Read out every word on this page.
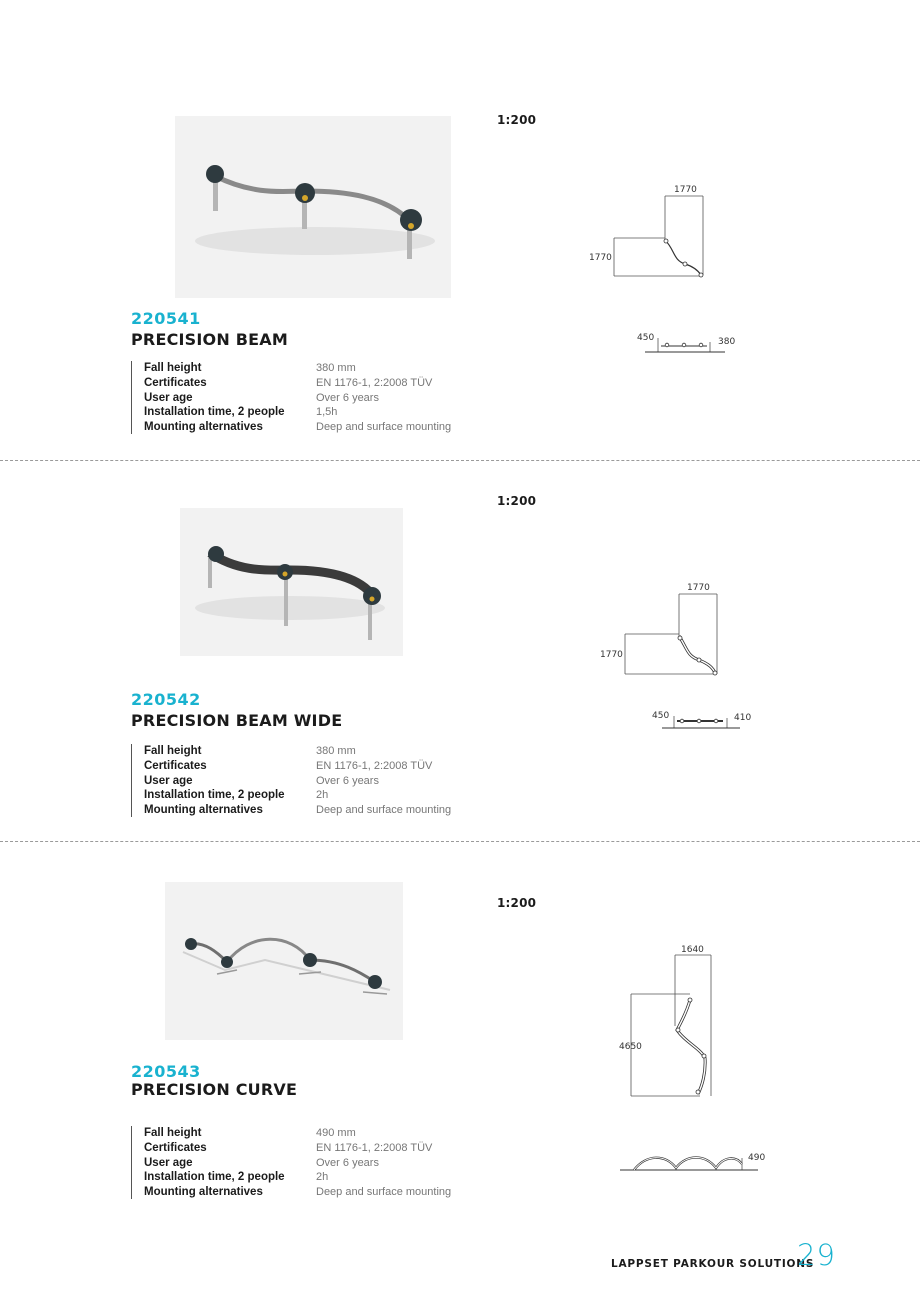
1:200
1770
1770
450	380
220541
PRECISION BEAM
Fall height	380 mm
Certificates	EN 1176-1, 2:2008 TÜV
User age	Over 6 years
Installation time, 2 people	1,5h
Mounting alternatives	Deep and surface mounting
1:200
1770
1770
450	410
220542
PRECISION BEAM WIDE
Fall height	380 mm
Certificates	EN 1176-1, 2:2008 TÜV
User age	Over 6 years
Installation time, 2 people	2h
Mounting alternatives	Deep and surface mounting
1:200
1640
4650
490
220543
PRECISION CURVE
Fall height	490 mm
Certificates	EN 1176-1, 2:2008 TÜV
User age	Over 6 years
Installation time, 2 people	2h
Mounting alternatives	Deep and surface mounting
LAPPSET PARKOUR SOLUTIONS
29
